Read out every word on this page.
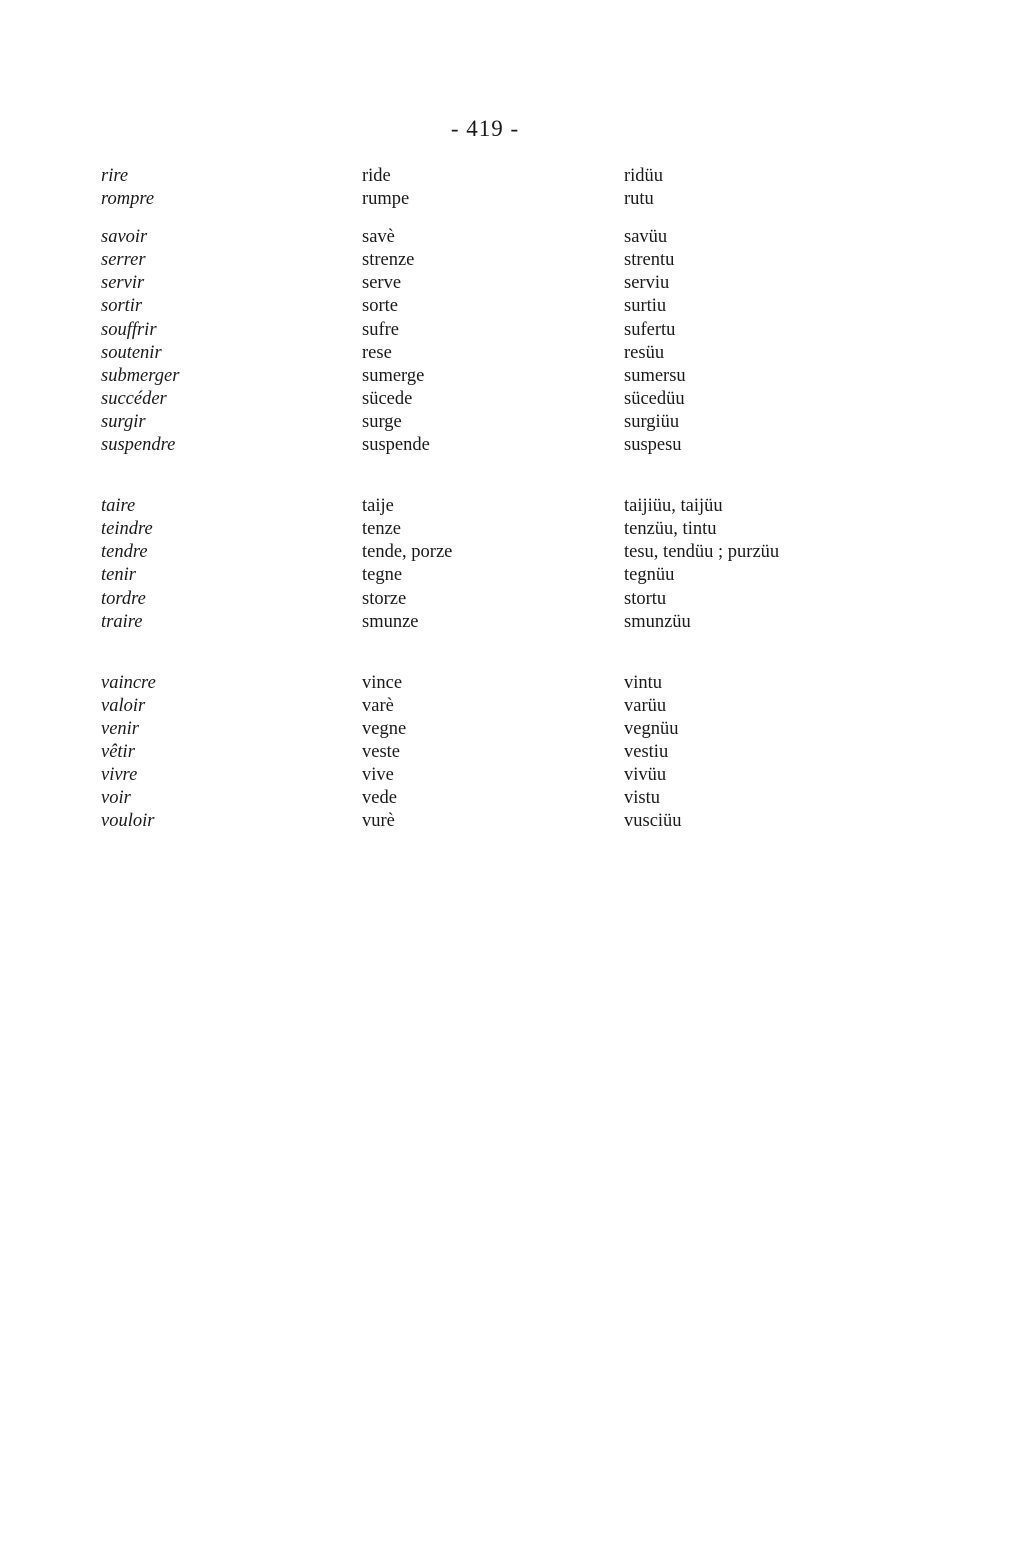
- 419 -
rire	ride	ridüu
rompre	rumpe	rutu
savoir	savè	savüu
serrer	strenze	strentu
servir	serve	serviu
sortir	sorte	surtiu
souffrir	sufre	sufertu
soutenir	rese	resüu
submerger	sumerge	sumersu
succéder	sücede	sücedüu
surgir	surge	surgiüu
suspendre	suspende	suspesu
taire	taije	taijiüu, taijüu
teindre	tenze	tenzüu, tintu
tendre	tende, porze	tesu, tendüu ; purzüu
tenir	tegne	tegnüu
tordre	storze	stortu
traire	smunze	smunzüu
vaincre	vince	vintu
valoir	varè	varüu
venir	vegne	vegnüu
vêtir	veste	vestiu
vivre	vive	vivüu
voir	vede	vistu
vouloir	vurè	vusciüu
